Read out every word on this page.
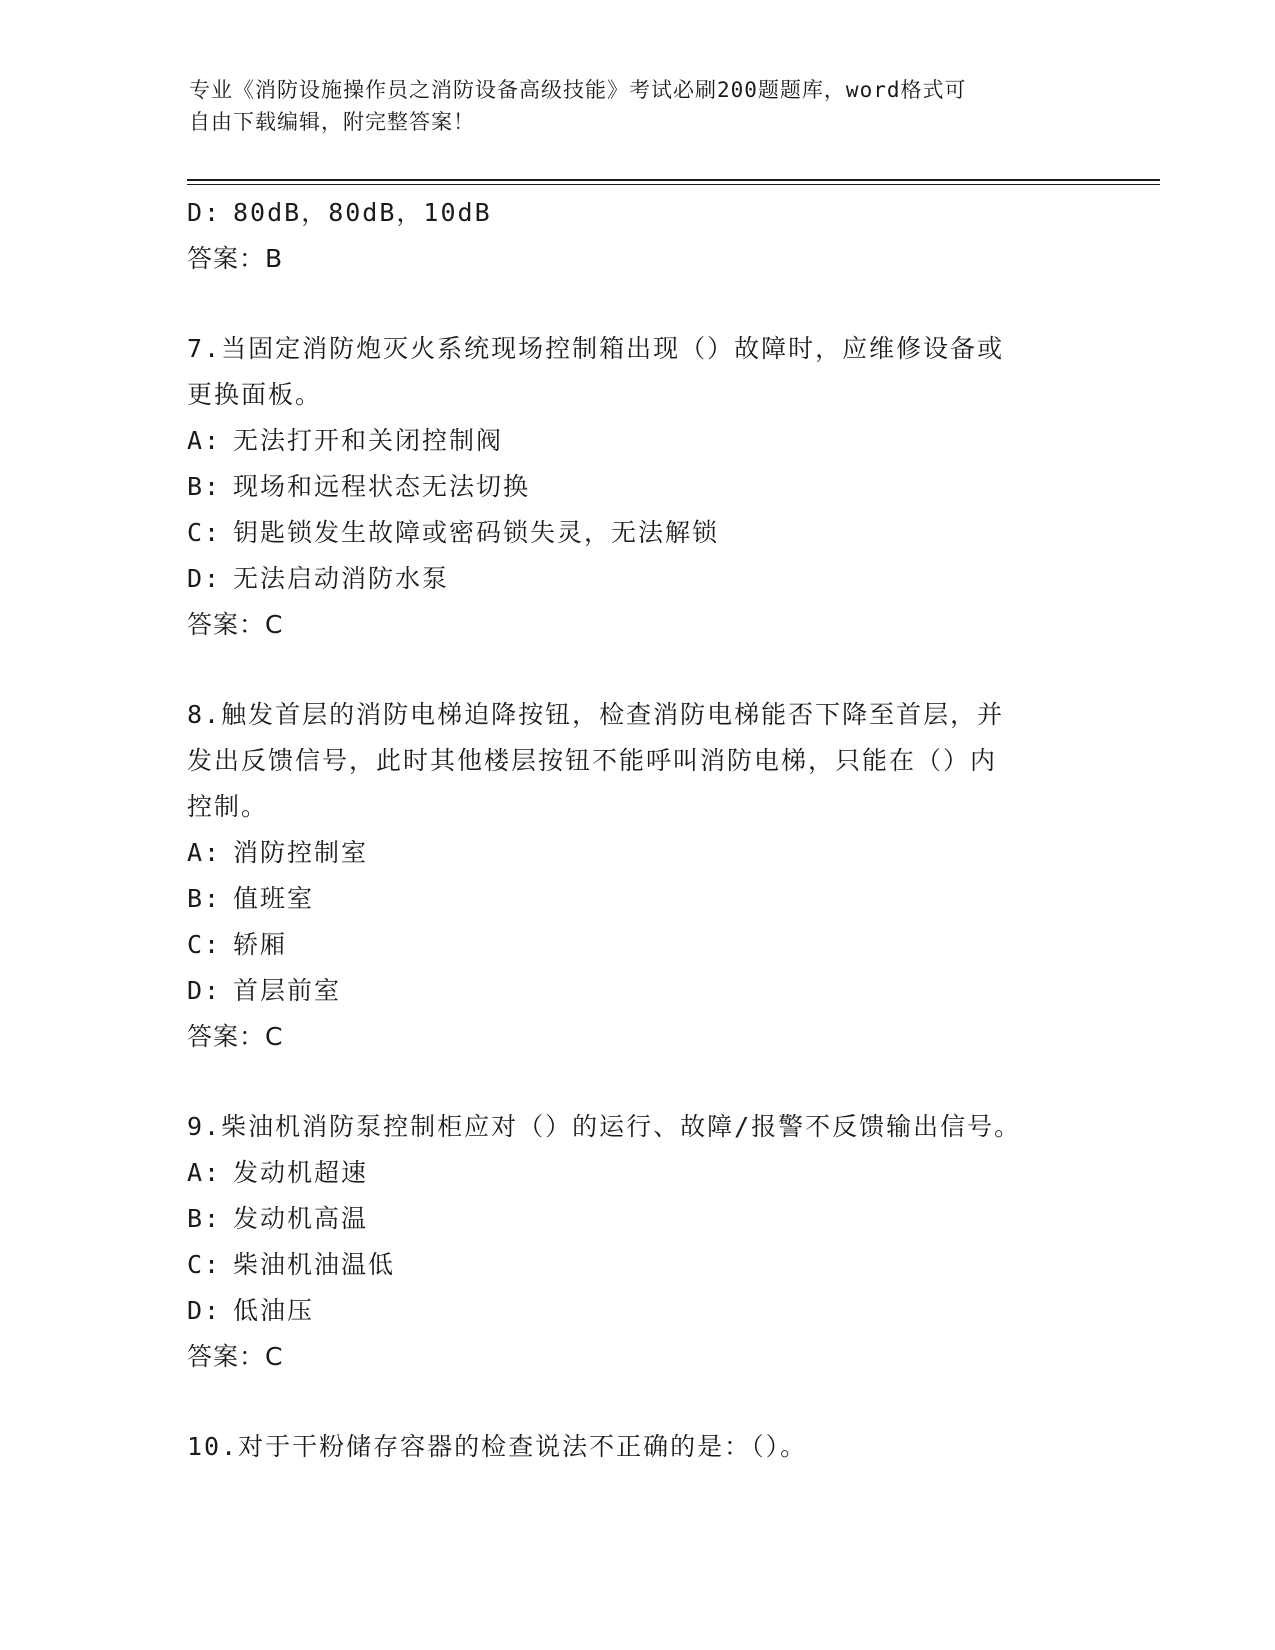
专业《消防设施操作员之消防设备高级技能》考试必刷200题题库，word格式可
自由下载编辑，附完整答案！
D: 80dB，80dB，10dB
答案：B
7.当固定消防炮灭火系统现场控制箱出现（）故障时，应维修设备或
更换面板。
A: 无法打开和关闭控制阀
B: 现场和远程状态无法切换
C: 钥匙锁发生故障或密码锁失灵，无法解锁
D: 无法启动消防水泵
答案：C
8.触发首层的消防电梯迫降按钮，检查消防电梯能否下降至首层，并
发出反馈信号，此时其他楼层按钮不能呼叫消防电梯，只能在（）内
控制。
A: 消防控制室
B: 值班室
C: 轿厢
D: 首层前室
答案：C
9.柴油机消防泵控制柜应对（）的运行、故障/报警不反馈输出信号。
A: 发动机超速
B: 发动机高温
C: 柴油机油温低
D: 低油压
答案：C
10.对于干粉储存容器的检查说法不正确的是：（）。
